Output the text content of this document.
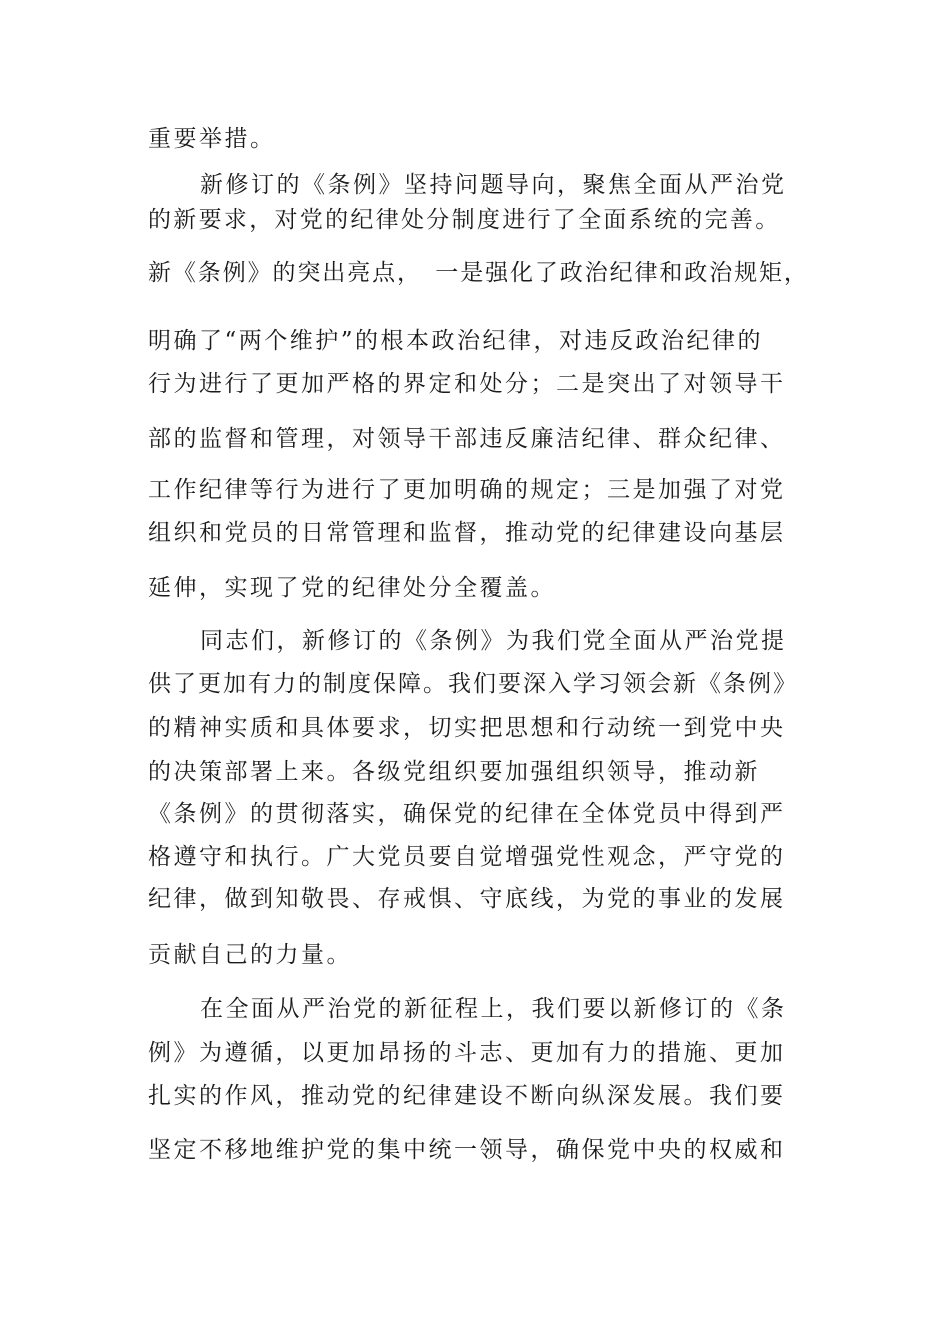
重要举措。
新修订的《条例》坚持问题导向，聚焦全面从严治党
的新要求，对党的纪律处分制度进行了全面系统的完善。
新《条例》的突出亮点，　一是强化了政治纪律和政治规矩，
明确了“两个维护”的根本政治纪律，对违反政治纪律的
行为进行了更加严格的界定和处分；二是突出了对领导干
部的监督和管理，对领导干部违反廉洁纪律、群众纪律、
工作纪律等行为进行了更加明确的规定；三是加强了对党
组织和党员的日常管理和监督，推动党的纪律建设向基层
延伸，实现了党的纪律处分全覆盖。
同志们，新修订的《条例》为我们党全面从严治党提
供了更加有力的制度保障。我们要深入学习领会新《条例》
的精神实质和具体要求，切实把思想和行动统一到党中央
的决策部署上来。各级党组织要加强组织领导，推动新
《条例》的贯彻落实，确保党的纪律在全体党员中得到严
格遵守和执行。广大党员要自觉增强党性观念，严守党的
纪律，做到知敬畏、存戒惧、守底线，为党的事业的发展
贡献自己的力量。
在全面从严治党的新征程上，我们要以新修订的《条
例》为遵循，以更加昂扬的斗志、更加有力的措施、更加
扎实的作风，推动党的纪律建设不断向纵深发展。我们要
坚定不移地维护党的集中统一领导，确保党中央的权威和
